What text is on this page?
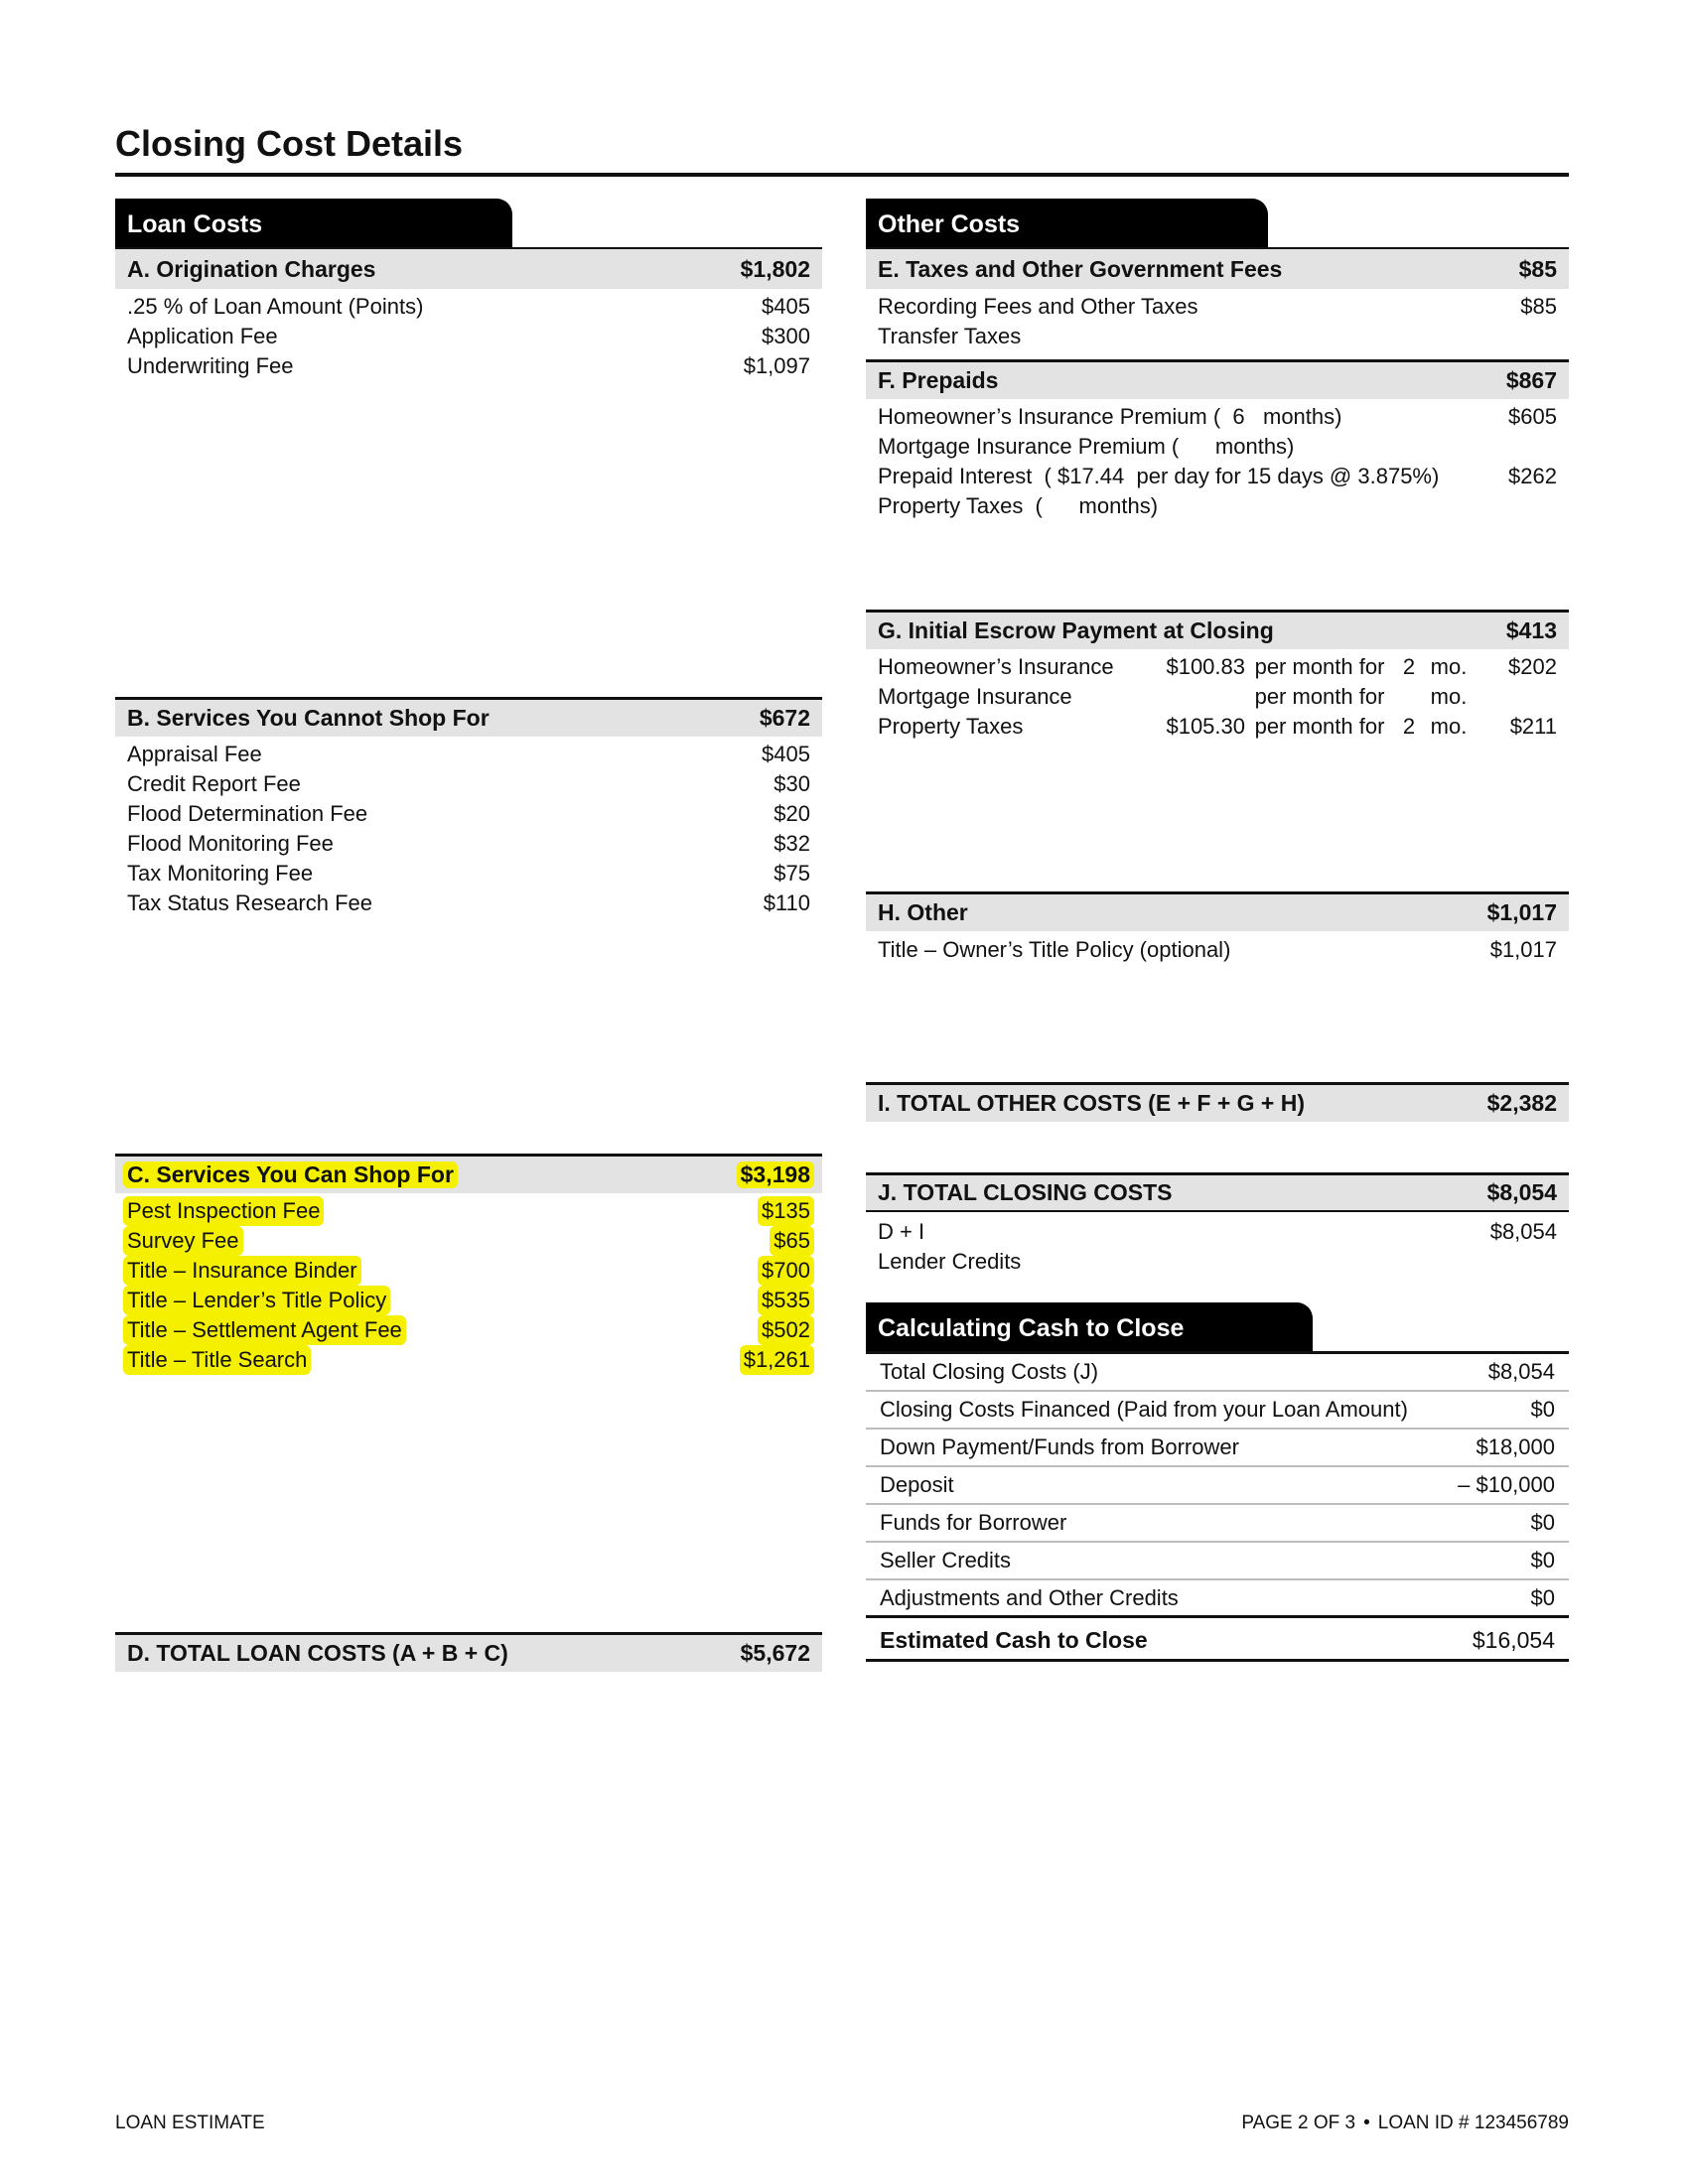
Closing Cost Details
Loan Costs
A. Origination Charges	$1,802
.25 % of Loan Amount (Points)	$405
Application Fee	$300
Underwriting Fee	$1,097
B. Services You Cannot Shop For	$672
Appraisal Fee	$405
Credit Report Fee	$30
Flood Determination Fee	$20
Flood Monitoring Fee	$32
Tax Monitoring Fee	$75
Tax Status Research Fee	$110
C. Services You Can Shop For	$3,198
Pest Inspection Fee	$135
Survey Fee	$65
Title – Insurance Binder	$700
Title – Lender’s Title Policy	$535
Title – Settlement Agent Fee	$502
Title – Title Search	$1,261
D. TOTAL LOAN COSTS (A + B + C)	$5,672
Other Costs
E. Taxes and Other Government Fees	$85
Recording Fees and Other Taxes	$85
Transfer Taxes
F. Prepaids	$867
Homeowner’s Insurance Premium (  6   months)	$605
Mortgage Insurance Premium (      months)
Prepaid Interest  ( $17.44  per day for 15 days @ 3.875%)	$262
Property Taxes  (      months)
G. Initial Escrow Payment at Closing	$413
Homeowner’s Insurance	$100.83 per month for 2 mo.	$202
Mortgage Insurance	per month for	mo.
Property Taxes	$105.30 per month for 2 mo.	$211
H. Other	$1,017
Title – Owner’s Title Policy (optional)	$1,017
I. TOTAL OTHER COSTS (E + F + G + H)	$2,382
J. TOTAL CLOSING COSTS	$8,054
D + I	$8,054
Lender Credits
Calculating Cash to Close
Total Closing Costs (J)	$8,054
Closing Costs Financed (Paid from your Loan Amount)	$0
Down Payment/Funds from Borrower	$18,000
Deposit	– $10,000
Funds for Borrower	$0
Seller Credits	$0
Adjustments and Other Credits	$0
Estimated Cash to Close	$16,054
LOAN ESTIMATE	PAGE 2 OF 3 • LOAN ID # 123456789
